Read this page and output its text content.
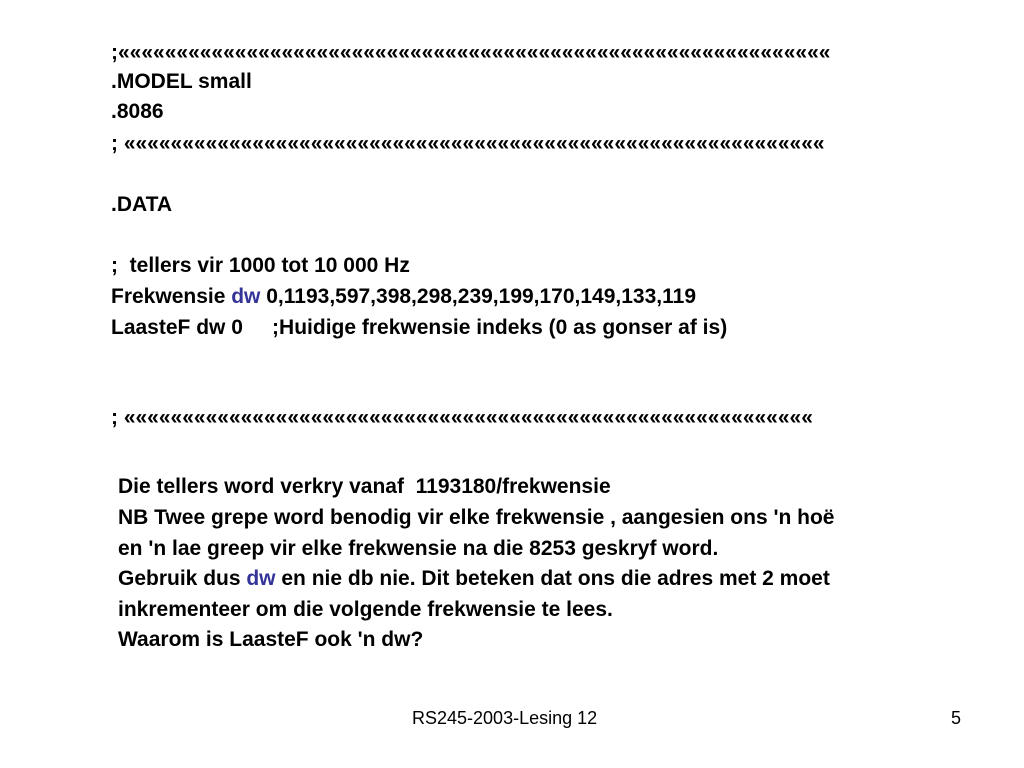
;«««««««««««««««««««««««««««««««««««««««««««««««««««««««««««««
.MODEL small
.8086
; ««««««««««««««««««««««««««««««««««««««««««««««««««««««««««««
.DATA
;  tellers vir 1000 tot 10 000 Hz
Frekwensie dw 0,1193,597,398,298,239,199,170,149,133,119
LaasteF dw 0     ;Huidige frekwensie indeks (0 as gonser af is)
; «««««««««««««««««««««««««««««««««««««««««««««««««««««««««««
Die tellers word verkry vanaf  1193180/frekwensie
NB Twee grepe word benodig vir elke frekwensie , aangesien ons 'n hoë
en 'n lae greep vir elke frekwensie na die 8253 geskryf word.
Gebruik dus dw en nie db nie. Dit beteken dat ons die adres met 2 moet
inkrementeer om die volgende frekwensie te lees.
Waarom is LaasteF ook 'n dw?
RS245-2003-Lesing 12	5
